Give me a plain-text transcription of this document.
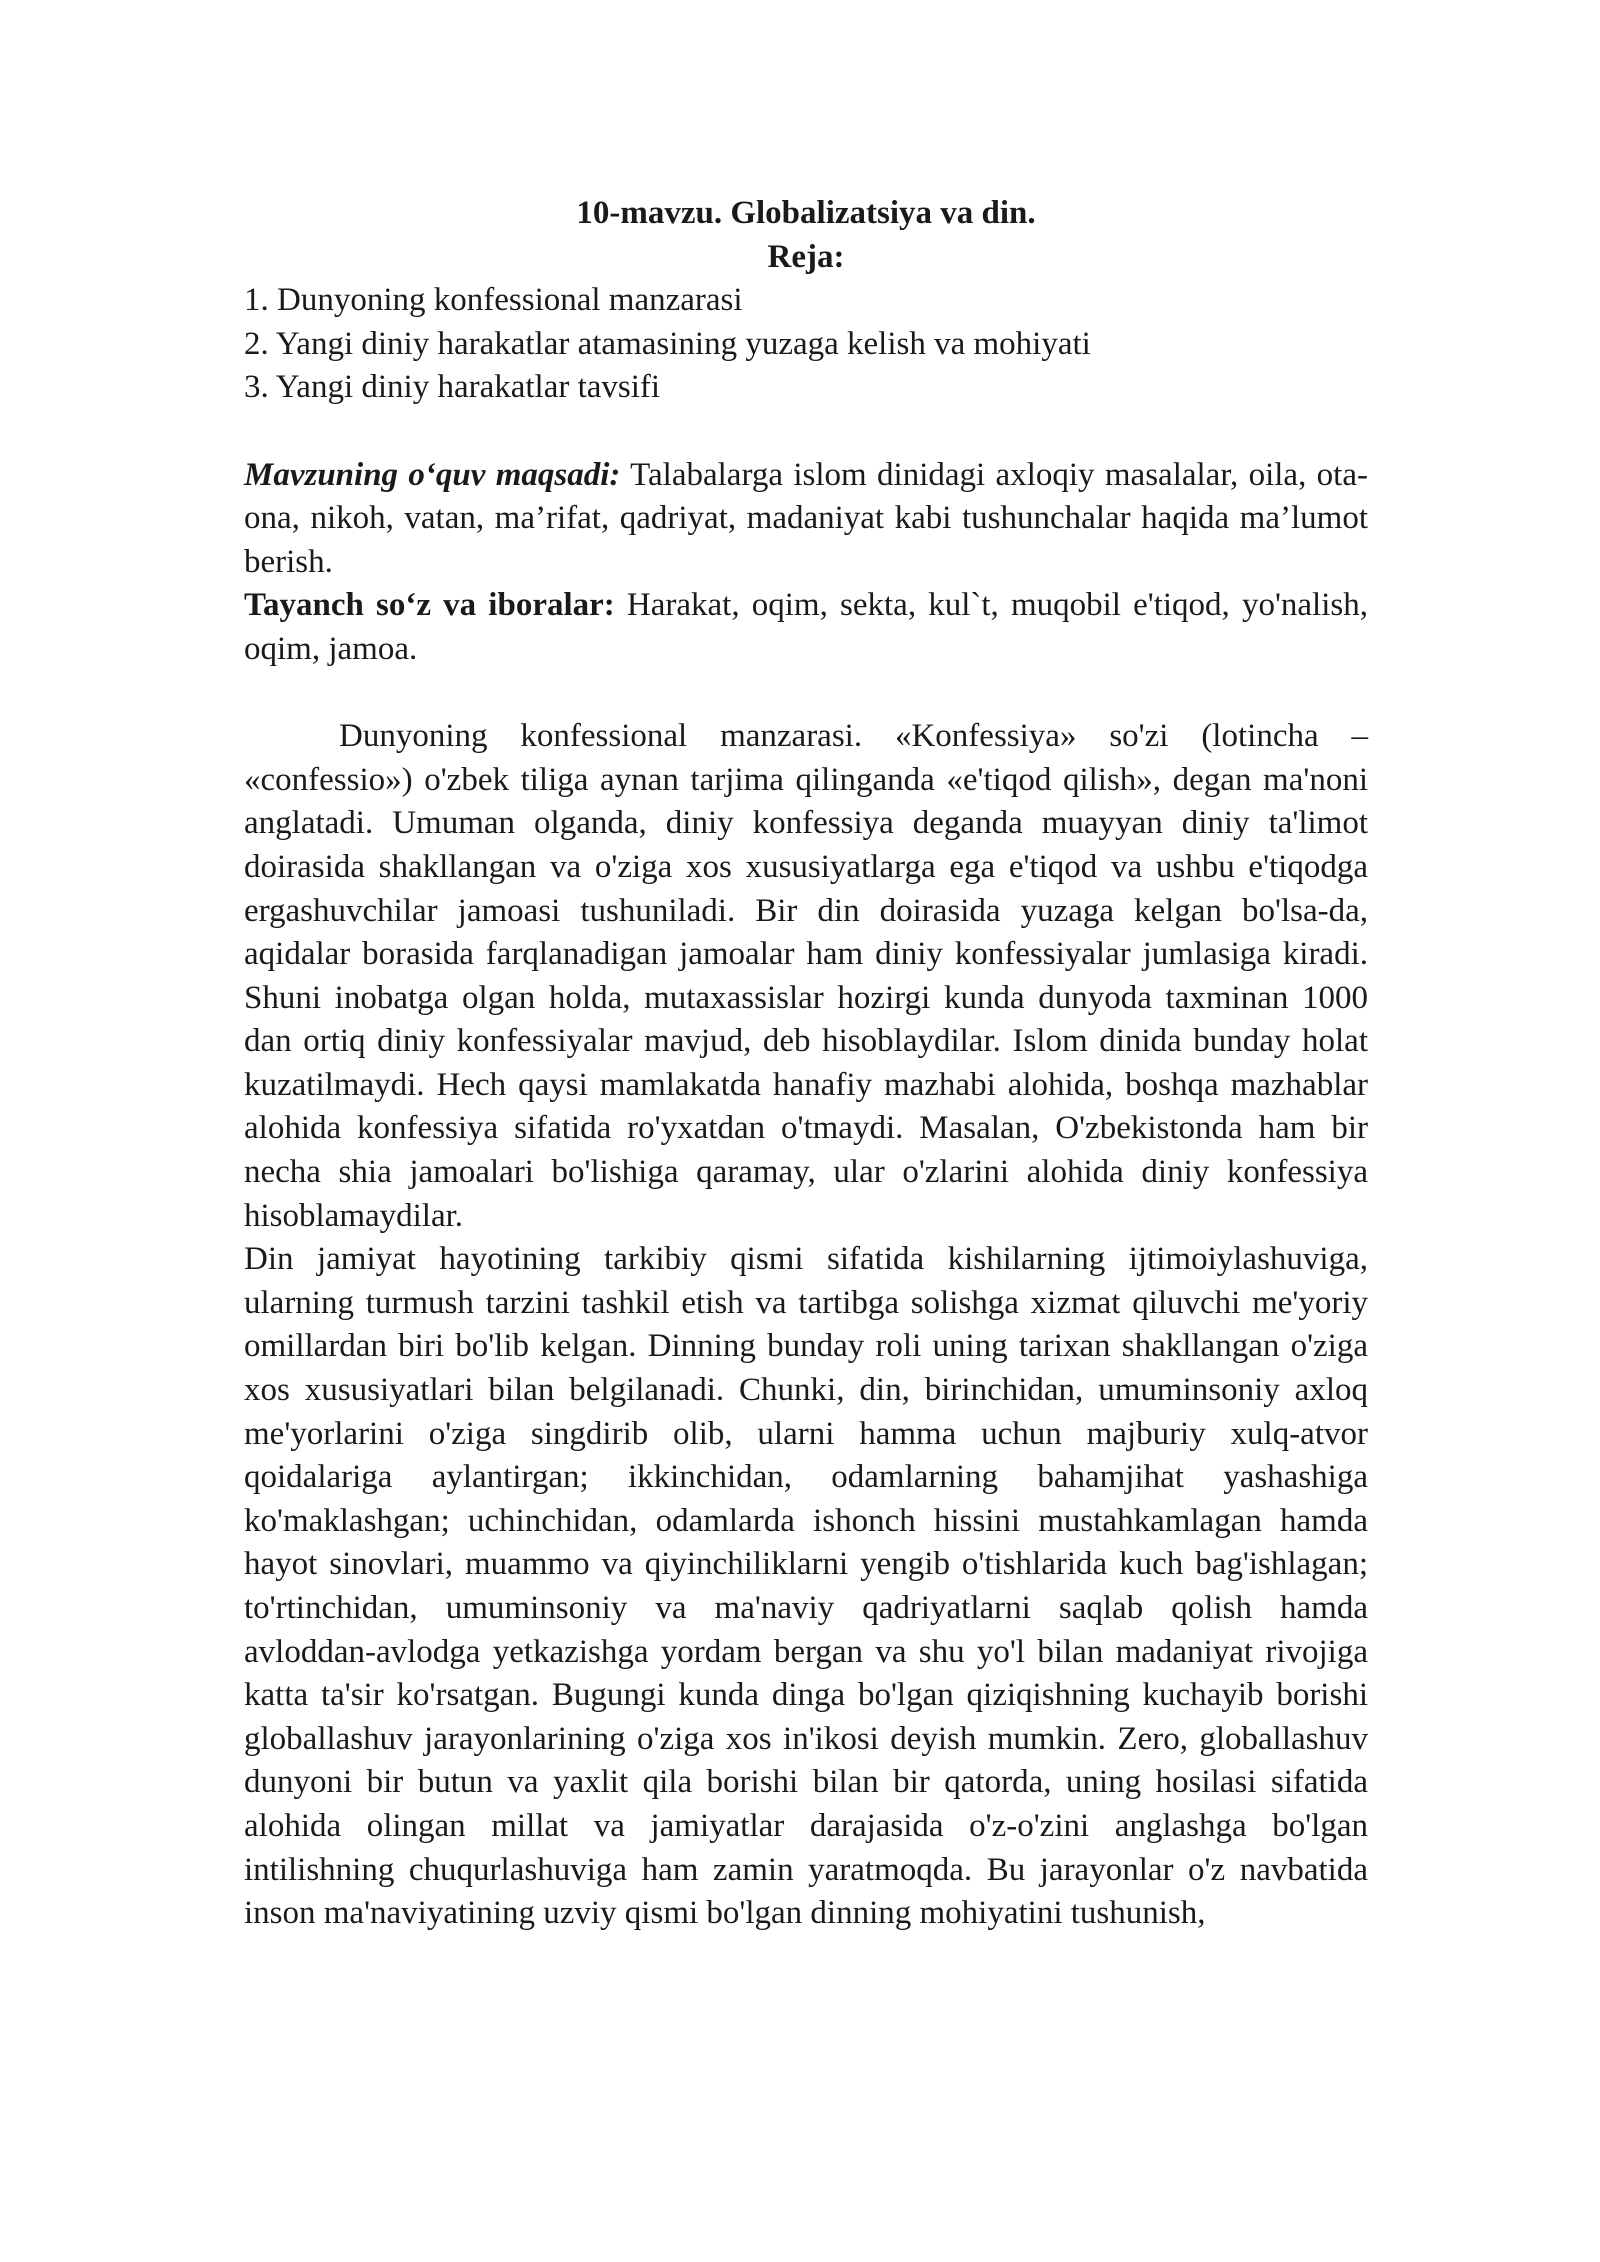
10-mavzu. Globalizatsiya va din.

Reja:

1. Dunyoning konfessional manzarasi

2. Yangi diniy harakatlar atamasining yuzaga kelish va mohiyati

3. Yangi diniy harakatlar tavsifi

Mavzuning o‘quv maqsadi: Talabalarga islom dinidagi axloqiy masalalar, oila, ota-ona, nikoh, vatan, ma’rifat, qadriyat, madaniyat kabi tushunchalar haqida ma’lumot berish.

Tayanch so‘z va iboralar: Harakat, oqim, sekta, kul`t, muqobil e'tiqod, yo'nalish, oqim, jamoa.

Dunyoning konfessional manzarasi. «Konfessiya» so'zi (lotincha – «confessio») o'zbek tiliga aynan tarjima qilinganda «e'tiqod qilish», degan ma'noni anglatadi. Umuman olganda, diniy konfessiya deganda muayyan diniy ta'limot doirasida shakllangan va o'ziga xos xususiyatlarga ega e'tiqod va ushbu e'tiqodga ergashuvchilar jamoasi tushuniladi. Bir din doirasida yuzaga kelgan bo'lsa-da, aqidalar borasida farqlanadigan jamoalar ham diniy konfessiyalar jumlasiga kiradi. Shuni inobatga olgan holda, mutaxassislar hozirgi kunda dunyoda taxminan 1000 dan ortiq diniy konfessiyalar mavjud, deb hisoblaydilar. Islom dinida bunday holat kuzatilmaydi. Hech qaysi mamlakatda hanafiy mazhabi alohida, boshqa mazhablar alohida konfessiya sifatida ro'yxatdan o'tmaydi. Masalan, O'zbekistonda ham bir necha shia jamoalari bo'lishiga qaramay, ular o'zlarini alohida diniy konfessiya hisoblamaydilar.

Din jamiyat hayotining tarkibiy qismi sifatida kishilarning ijtimoiylashuviga, ularning turmush tarzini tashkil etish va tartibga solishga xizmat qiluvchi me'yoriy omillardan biri bo'lib kelgan. Dinning bunday roli uning tarixan shakllangan o'ziga xos xususiyatlari bilan belgilanadi. Chunki, din, birinchidan, umuminsoniy axloq me'yorlarini o'ziga singdirib olib, ularni hamma uchun majburiy xulq-atvor qoidalariga aylantirgan; ikkinchidan, odamlarning bahamjihat yashashiga ko'maklashgan; uchinchidan, odamlarda ishonch hissini mustahkamlagan hamda hayot sinovlari, muammo va qiyinchiliklarni yengib o'tishlarida kuch bag'ishlagan; to'rtinchidan, umuminsoniy va ma'naviy qadriyatlarni saqlab qolish hamda avloddan-avlodga yetkazishga yordam bergan va shu yo'l bilan madaniyat rivojiga katta ta'sir ko'rsatgan. Bugungi kunda dinga bo'lgan qiziqishning kuchayib borishi globallashuv jarayonlarining o'ziga xos in'ikosi deyish mumkin. Zero, globallashuv dunyoni bir butun va yaxlit qila borishi bilan bir qatorda, uning hosilasi sifatida alohida olingan millat va jamiyatlar darajasida o'z-o'zini anglashga bo'lgan intilishning chuqurlashuviga ham zamin yaratmoqda. Bu jarayonlar o'z navbatida inson ma'naviyatining uzviy qismi bo'lgan dinning mohiyatini tushunish,
